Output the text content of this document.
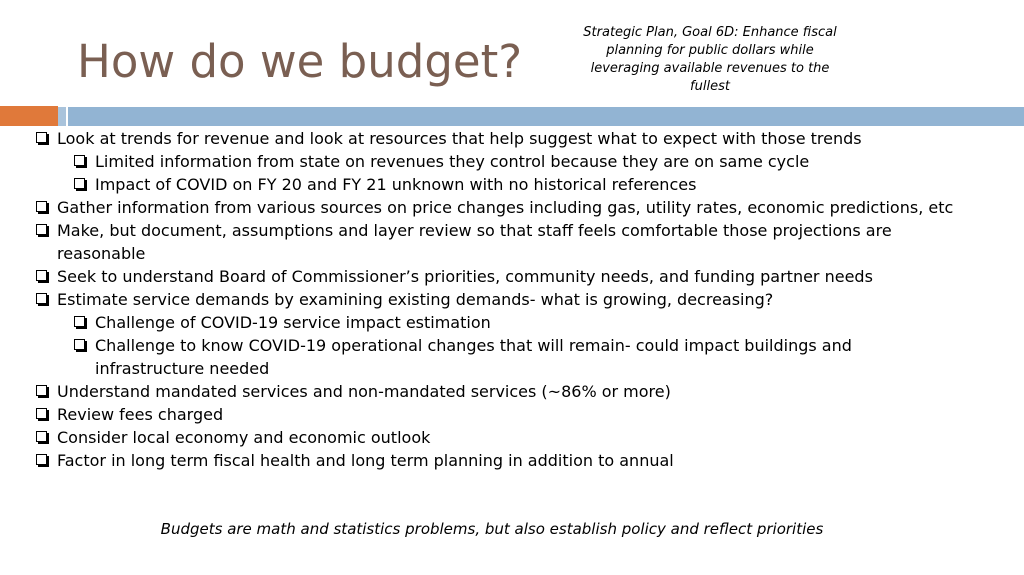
How do we budget?
Strategic Plan, Goal 6D: Enhance fiscal planning for public dollars while leveraging available revenues to the fullest
Look at trends for revenue and look at resources that help suggest what to expect with those trends
Limited information from state on revenues they control because they are on same cycle
Impact of COVID on FY 20 and FY 21 unknown with no historical references
Gather information from various sources on price changes including gas, utility rates, economic predictions, etc
Make, but document, assumptions and layer review so that staff feels comfortable those projections are reasonable
Seek to understand Board of Commissioner’s priorities, community needs, and funding partner needs
Estimate service demands by examining existing demands- what is growing, decreasing?
Challenge of COVID-19 service impact estimation
Challenge to know COVID-19 operational changes that will remain- could impact buildings and infrastructure needed
Understand mandated services and non-mandated services (~86% or more)
Review fees charged
Consider local economy and economic outlook
Factor in long term fiscal health and long term planning in addition to annual
Budgets are math and statistics problems, but also establish policy and reflect priorities
